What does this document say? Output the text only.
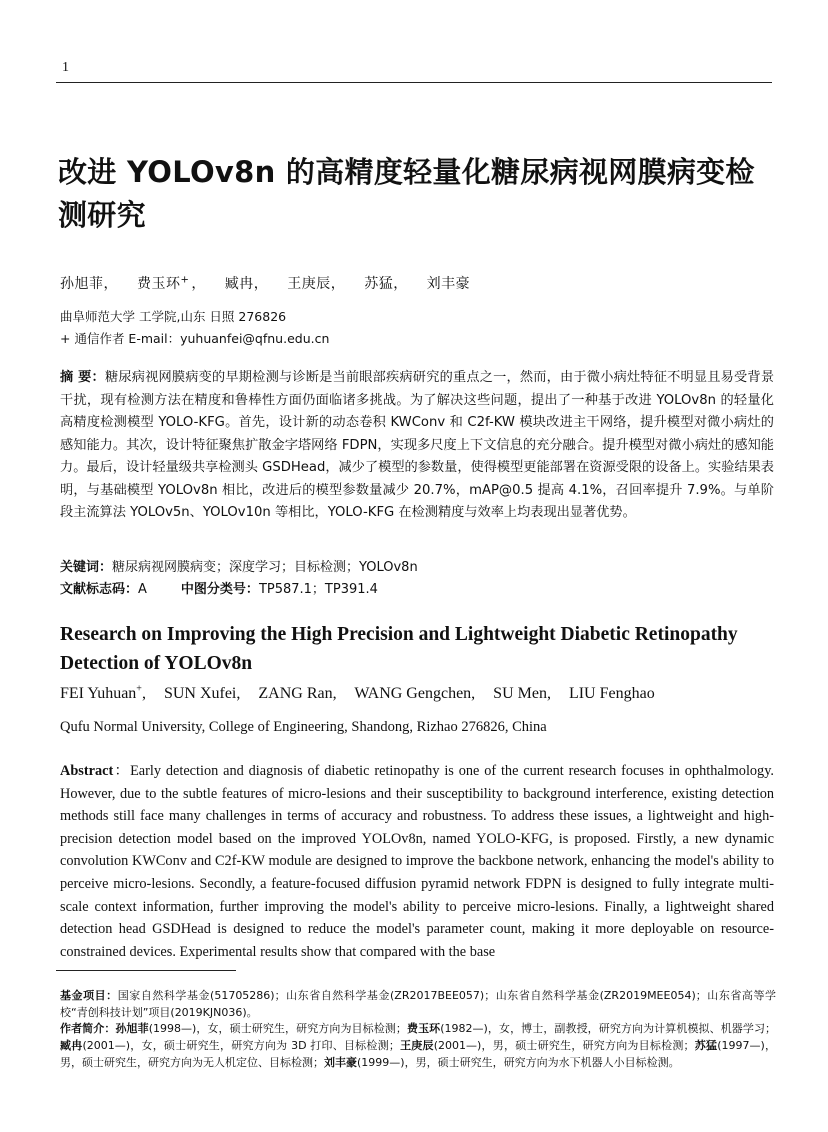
1
改进 YOLOv8n 的高精度轻量化糖尿病视网膜病变检测研究
孙旭菲， 费玉环+ ， 臧冉， 王庚辰， 苏猛， 刘丰豪
曲阜师范大学 工学院,山东 日照 276826
+ 通信作者 E-mail：yuhuanfei@qfnu.edu.cn

摘 要：糖尿病视网膜病变的早期检测与诊断是当前眼部疾病研究的重点之一，然而，由于微小病灶特征不明显且易受背景干扰，现有检测方法在精度和鲁棒性方面仍面临诸多挑战。为了解决这些问题，提出了一种基于改进 YOLOv8n 的轻量化高精度检测模型 YOLO-KFG。首先，设计新的动态卷积 KWConv 和 C2f-KW 模块改进主干网络，提升模型对微小病灶的感知能力。其次，设计特征聚焦扩散金字塔网络 FDPN，实现多尺度上下文信息的充分融合。提升模型对微小病灶的感知能力。最后，设计轻量级共享检测头 GSDHead，减少了模型的参数量，使得模型更能部署在资源受限的设备上。实验结果表明，与基础模型 YOLOv8n 相比，改进后的模型参数量减少 20.7%，mAP@0.5 提高 4.1%，召回率提升 7.9%。与单阶段主流算法 YOLOv5n、YOLOv10n 等相比，YOLO-KFG 在检测精度与效率上均表现出显著优势。

关键词：糖尿病视网膜病变；深度学习；目标检测；YOLOv8n
文献标志码：A	中图分类号：TP587.1；TP391.4
Research on Improving the High Precision and Lightweight Diabetic Retinopathy Detection of YOLOv8n
FEI Yuhuan+, SUN Xufei, ZANG Ran, WANG Gengchen, SU Men, LIU Fenghao
Qufu Normal University, College of Engineering, Shandong, Rizhao 276826, China

Abstract：Early detection and diagnosis of diabetic retinopathy is one of the current research focuses in ophthalmology. However, due to the subtle features of micro-lesions and their susceptibility to background interference, existing detection methods still face many challenges in terms of accuracy and robustness. To address these issues, a lightweight and high-precision detection model based on the improved YOLOv8n, named YOLO-KFG, is proposed. Firstly, a new dynamic convolution KWConv and C2f-KW module are designed to improve the backbone network, enhancing the model's ability to perceive micro-lesions. Secondly, a feature-focused diffusion pyramid network FDPN is designed to fully integrate multi-scale context information, further improving the model's ability to perceive micro-lesions. Finally, a lightweight shared detection head GSDHead is designed to reduce the model's parameter count, making it more deployable on resource-constrained devices. Experimental results show that compared with the base

基金项目：国家自然科学基金(51705286)；山东省自然科学基金(ZR2017BEE057)；山东省自然科学基金(ZR2019MEE054)；山东省高等学校“青创科技计划”项目(2019KJN036)。

作者简介：孙旭菲(1998—)，女，硕士研究生，研究方向为目标检测；费玉环(1982—)，女，博士，副教授，研究方向为计算机模拟、机器学习；臧冉(2001—)，女，硕士研究生，研究方向为 3D 打印、目标检测；王庚辰(2001—)，男，硕士研究生，研究方向为目标检测；苏猛(1997—)，男，硕士研究生，研究方向为无人机定位、目标检测；刘丰豪(1999—)，男，硕士研究生，研究方向为水下机器人小目标检测。
